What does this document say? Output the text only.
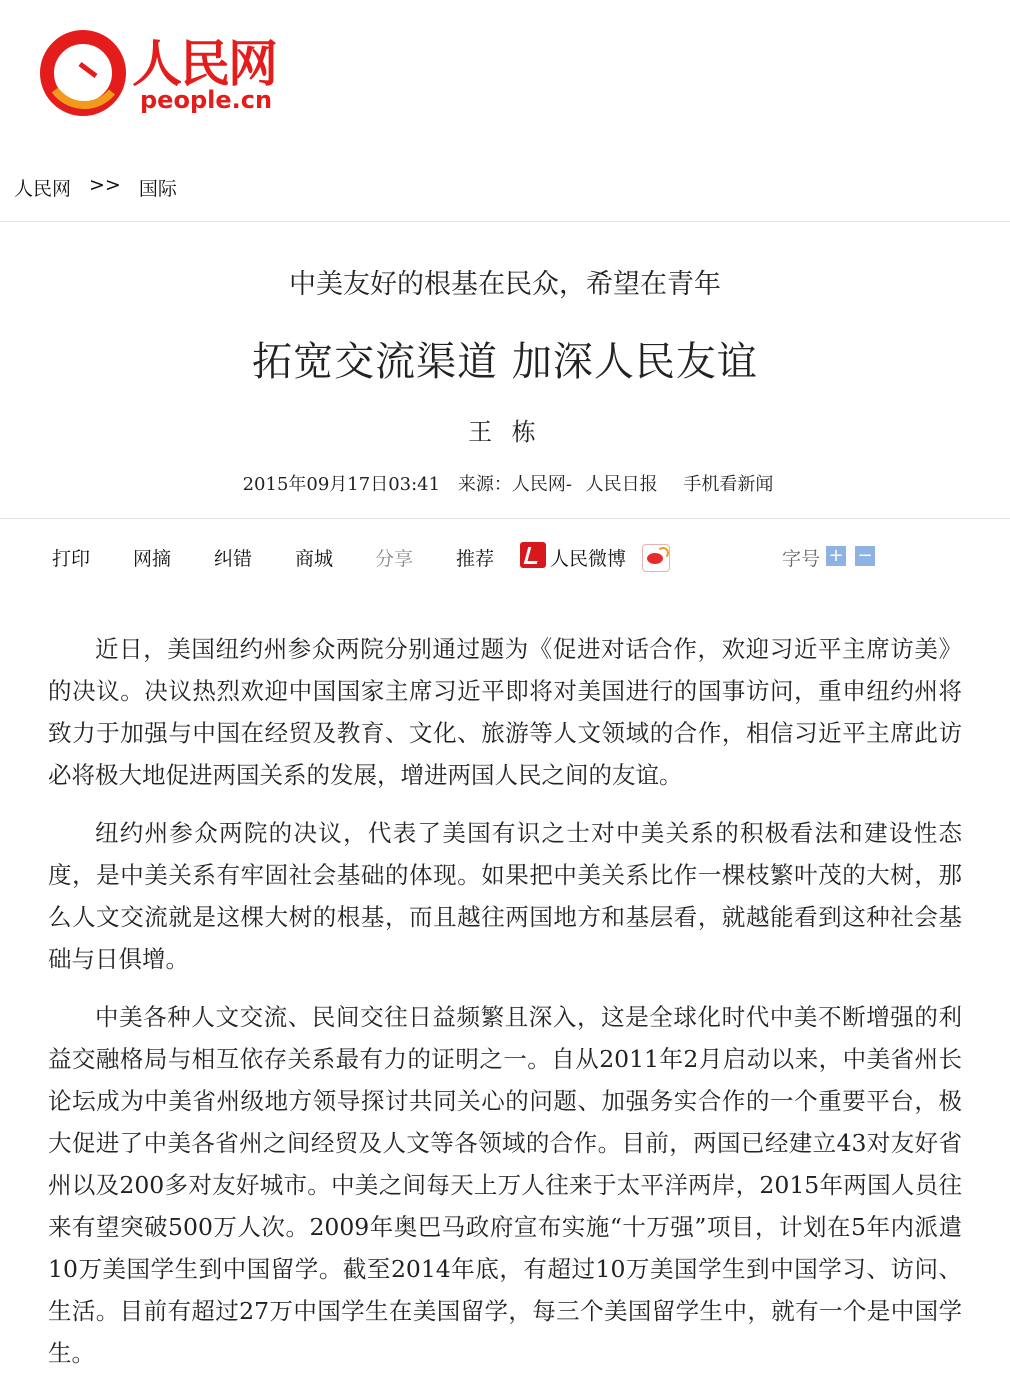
人民网
people.cn
人民网 >> 国际
中美友好的根基在民众，希望在青年
拓宽交流渠道 加深人民友谊
王 栋
2015年09月17日03:41 来源：人民网- 人民日报 手机看新闻
打印 网摘 纠错 商城 分享 推荐	人民微博	字号 + −

近日，美国纽约州参众两院分别通过题为《促进对话合作，欢迎习近平主席访美》的决议。决议热烈欢迎中国国家主席习近平即将对美国进行的国事访问，重申纽约州将致力于加强与中国在经贸及教育、文化、旅游等人文领域的合作，相信习近平主席此访必将极大地促进两国关系的发展，增进两国人民之间的友谊。

纽约州参众两院的决议，代表了美国有识之士对中美关系的积极看法和建设性态度，是中美关系有牢固社会基础的体现。如果把中美关系比作一棵枝繁叶茂的大树，那么人文交流就是这棵大树的根基，而且越往两国地方和基层看，就越能看到这种社会基础与日俱增。

中美各种人文交流、民间交往日益频繁且深入，这是全球化时代中美不断增强的利益交融格局与相互依存关系最有力的证明之一。自从2011年2月启动以来，中美省州长论坛成为中美省州级地方领导探讨共同关心的问题、加强务实合作的一个重要平台，极大促进了中美各省州之间经贸及人文等各领域的合作。目前，两国已经建立43对友好省州以及200多对友好城市。中美之间每天上万人往来于太平洋两岸，2015年两国人员往来有望突破500万人次。2009年奥巴马政府宣布实施“十万强”项目，计划在5年内派遣10万美国学生到中国留学。截至2014年底，有超过10万美国学生到中国学习、访问、生活。目前有超过27万中国学生在美国留学，每三个美国留学生中，就有一个是中国学生。
